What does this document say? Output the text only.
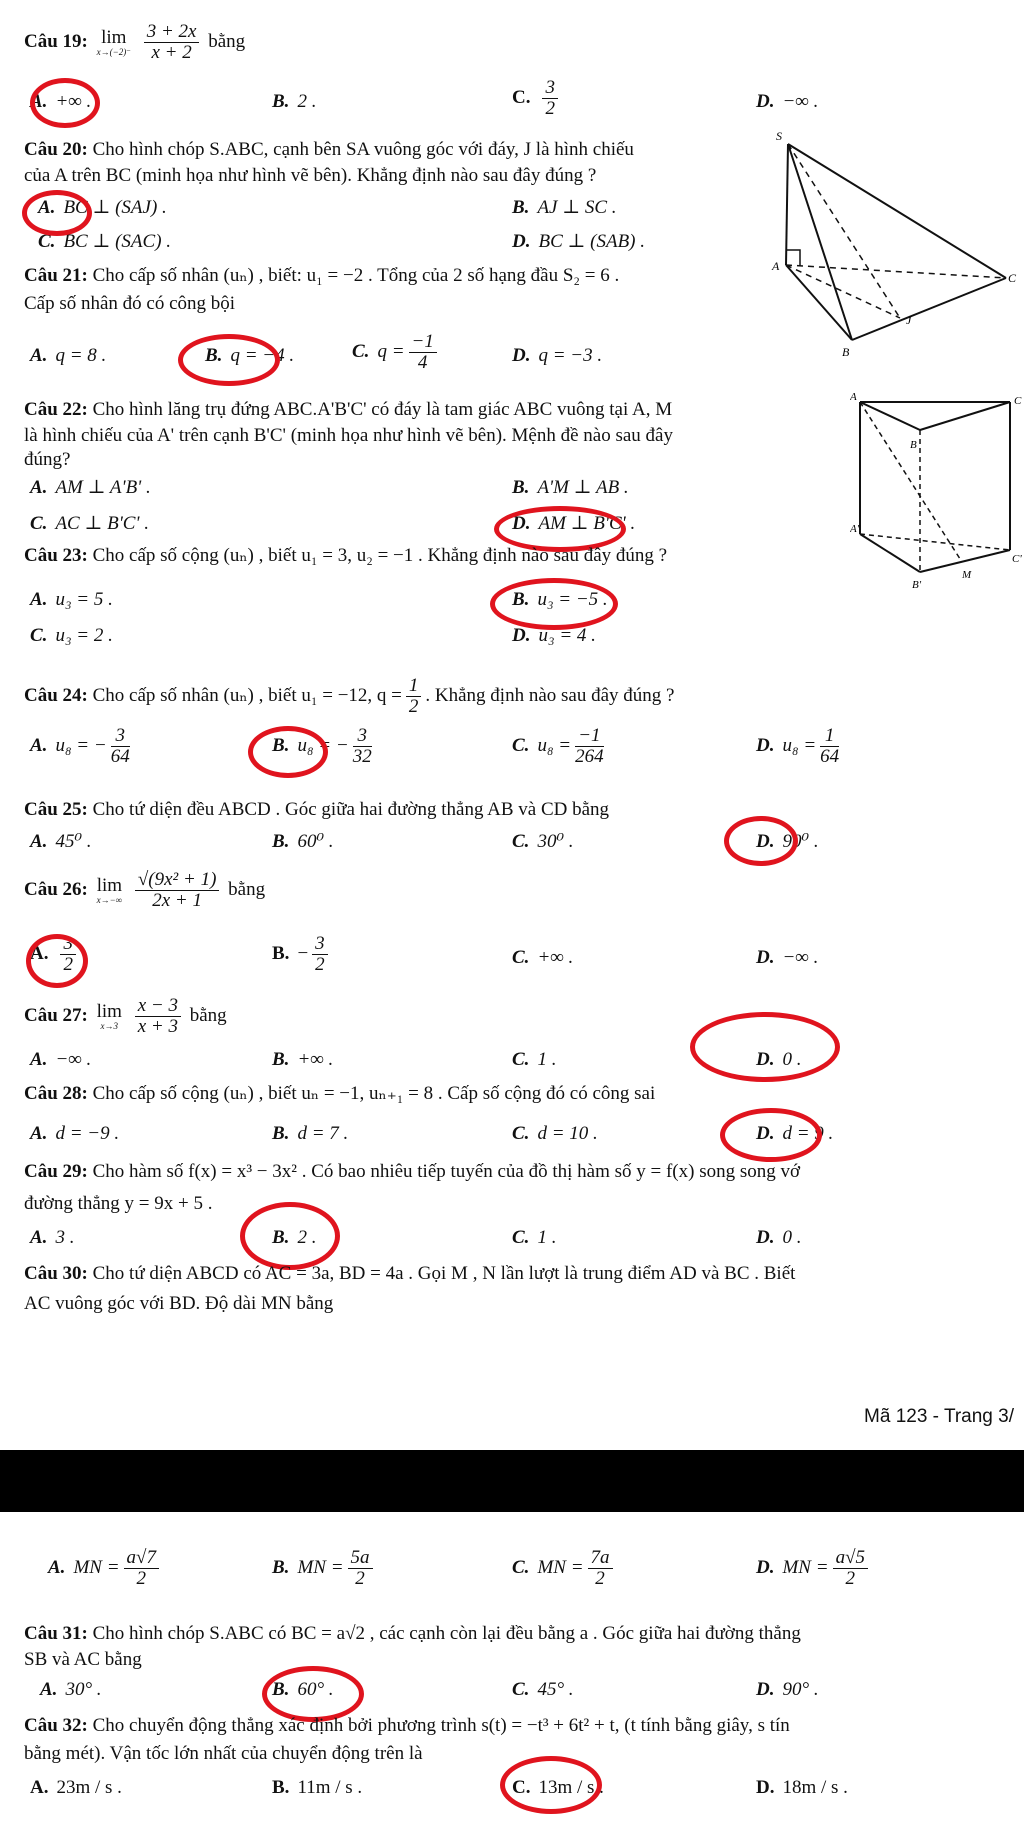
Câu 19: lim
x→(−2)⁻
$\frac{3 + 2x}{x + 2}$ bằng
A. +∞ .	B. 2 .	C. $\frac{3}{2}$	D. −∞ .
Câu 20: Cho hình chóp S.ABC, cạnh bên SA vuông góc với đáy, J là hình chiếu
của A trên BC (minh họa như hình vẽ bên). Khẳng định nào sau đây đúng ?
A. BC ⊥ (SAJ) .	B. AJ ⊥ SC .
C. BC ⊥ (SAC) .	D. BC ⊥ (SAB) .
S
A
B
C
J
Câu 21: Cho cấp số nhân (uₙ) , biết: u₁ = −2 . Tổng của 2 số hạng đầu S₂ = 6 .
Cấp số nhân đó có công bội
A. q = 8 .	B. q = −4 .	C. $q = \frac{-1}{4}$	D. q = −3 .
Câu 22: Cho hình lăng trụ đứng ABC.A'B'C' có đáy là tam giác ABC vuông tại A, M
là hình chiếu của A' trên cạnh B'C' (minh họa như hình vẽ bên). Mệnh đề nào sau đây
đúng?
A. AM ⊥ A'B' .	B. A'M ⊥ AB .
C. AC ⊥ B'C' .	D. AM ⊥ B'C' .
A
B
C
A'
B'
C'
M
Câu 23: Cho cấp số cộng (uₙ) , biết u₁ = 3, u₂ = −1 . Khẳng định nào sau đây đúng ?
A. u₃ = 5 .	B. u₃ = −5 .
C. u₃ = 2 .	D. u₃ = 4 .
Câu 24: Cho cấp số nhân (uₙ) , biết u₁ = −12, $q = \frac{1}{2}$ . Khẳng định nào sau đây đúng ?
A. u₈ = − $\frac{3}{64}$	B. u₈ = − $\frac{3}{32}$	C. $u_8 = \frac{-1}{264}$	D. $u_8 = \frac{1}{64}$
Câu 25: Cho tứ diện đều ABCD . Góc giữa hai đường thẳng AB và CD bằng
A. 45⁰ .	B. 60⁰ .	C. 30⁰ .	D. 90⁰ .
Câu 26: lim
x→−∞
$\frac{\text{√(9x² + 1)}}{2x + 1}$ bằng
A. $\frac{3}{2}$	B. − $\frac{3}{2}$	C. +∞ .	D. −∞ .
Câu 27: lim
x→3
$\frac{x - 3}{x + 3}$ bằng
A. −∞ .	B. +∞ .	C. 1 .	D. 0 .
Câu 28: Cho cấp số cộng (uₙ) , biết uₙ = −1, uₙ₊₁ = 8 . Cấp số cộng đó có công sai
A. d = −9 .	B. d = 7 .	C. d = 10 .	D. d = 9 .
Câu 29: Cho hàm số f(x) = x³ − 3x² . Có bao nhiêu tiếp tuyến của đồ thị hàm số y = f(x) song song vớ
đường thẳng y = 9x + 5 .
A. 3 .	B. 2 .	C. 1 .	D. 0 .
Câu 30: Cho tứ diện ABCD có AC = 3a, BD = 4a . Gọi M , N lần lượt là trung điểm AD và BC . Biết
AC vuông góc với BD. Độ dài MN bằng
Mã 123 - Trang 3/
A. MN = $\frac{a√7}{2}$	B. MN = $\frac{5a}{2}$	C. MN = $\frac{7a}{2}$	D. MN = $\frac{a√5}{2}$
Câu 31: Cho hình chóp S.ABC có BC = a√2 , các cạnh còn lại đều bằng a . Góc giữa hai đường thẳng
SB và AC bằng
A. 30° .	B. 60° .	C. 45° .	D. 90° .
Câu 32: Cho chuyển động thẳng xác định bởi phương trình s(t) = −t³ + 6t² + t, (t tính bằng giây, s tín
bằng mét). Vận tốc lớn nhất của chuyển động trên là
A. 23m / s .	B. 11m / s .	C. 13m / s .	D. 18m / s .
